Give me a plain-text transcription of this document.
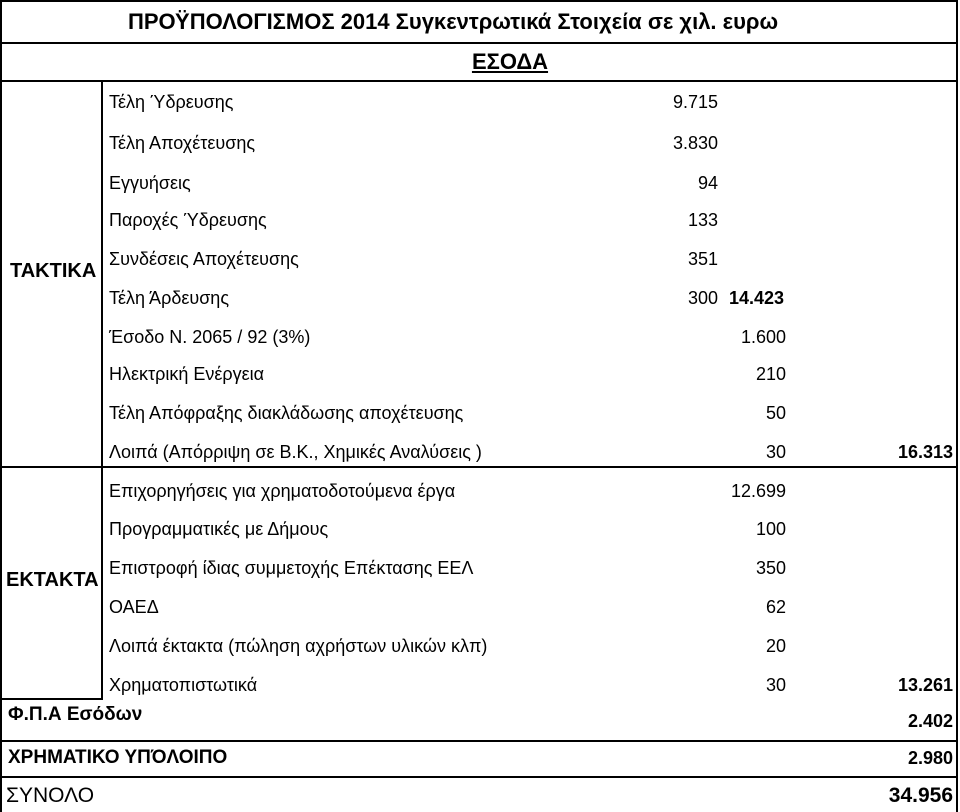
ΠΡΟΫΠΟΛΟΓΙΣΜΟΣ 2014 Συγκεντρωτικά Στοιχεία σε χιλ. ευρω
ΕΣΟΔΑ
ΤΑΚΤΙΚΑ
Τέλη Ύδρευσης	9.715
Τέλη Αποχέτευσης	3.830
Εγγυήσεις	94
Παροχές Ύδρευσης	133
Συνδέσεις Αποχέτευσης	351
Τέλη Άρδευσης	300 14.423
Έσοδο Ν. 2065 / 92 (3%)	1.600
Ηλεκτρική Ενέργεια	210
Τέλη Απόφραξης διακλάδωσης αποχέτευσης	50
Λοιπά (Απόρριψη σε Β.Κ., Χημικές Αναλύσεις )	30	16.313
ΕΚΤΑΚΤΑ
Επιχορηγήσεις για χρηματοδοτούμενα έργα	12.699
Προγραμματικές με Δήμους	100
Επιστροφή ίδιας συμμετοχής Επέκτασης ΕΕΛ	350
ΟΑΕΔ	62
Λοιπά έκτακτα (πώληση αχρήστων υλικών κλπ)	20
Χρηματοπιστωτικά	30	13.261
Φ.Π.Α Εσόδων	2.402
ΧΡΗΜΑΤΙΚΟ ΥΠΌΛΟΙΠΟ	2.980
ΣΥΝΟΛΟ	34.956
